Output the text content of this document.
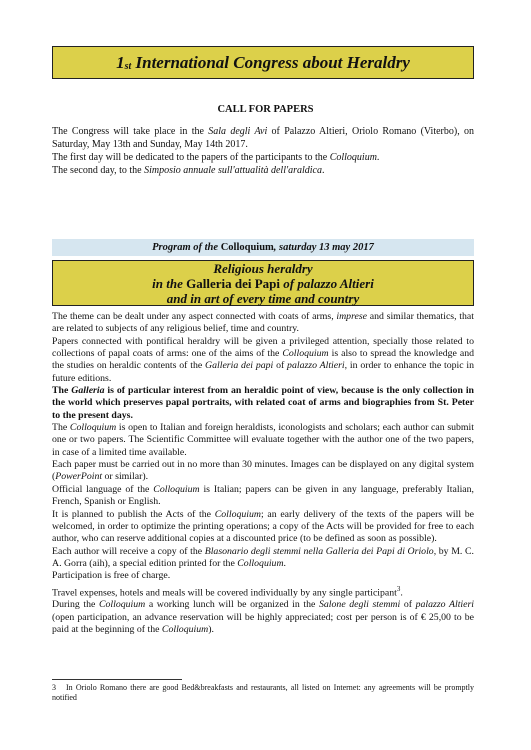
1 st International Congress about Heraldry
CALL FOR PAPERS
The Congress will take place in the Sala degli Avi of Palazzo Altieri, Oriolo Romano (Viterbo), on Saturday, May 13th and Sunday, May 14th 2017.
The first day will be dedicated to the papers of the participants to the Colloquium.
The second day, to the Simposio annuale sull'attualità dell'araldica.
Program of the Colloquium , saturday 13 may 2017
Religious heraldry
in the Galleria dei Papi of palazzo Altieri
and in art of every time and country

The theme can be dealt under any aspect connected with coats of arms, imprese and similar thematics, that are related to subjects of any religious belief, time and country.

Papers connected with pontifical heraldry will be given a privileged attention, specially those related to collections of papal coats of arms: one of the aims of the Colloquium is also to spread the knowledge and the studies on heraldic contents of the Galleria dei papi of palazzo Altieri, in order to enhance the topic in future editions.

The Galleria is of particular interest from an heraldic point of view, because is the only collection in the world which preserves papal portraits, with related coat of arms and biographies from St. Peter to the present days.

The Colloquium is open to Italian and foreign heraldists, iconologists and scholars; each author can submit one or two papers. The Scientific Committee will evaluate together with the author one of the two papers, in case of a limited time available.

Each paper must be carried out in no more than 30 minutes. Images can be displayed on any digital system (PowerPoint or similar).

Official language of the Colloquium is Italian; papers can be given in any language, preferably Italian, French, Spanish or English.

It is planned to publish the Acts of the Colloquium; an early delivery of the texts of the papers will be welcomed, in order to optimize the printing operations; a copy of the Acts will be provided for free to each author, who can reserve additional copies at a discounted price (to be defined as soon as possible).

Each author will receive a copy of the Blasonario degli stemmi nella Galleria dei Papi di Oriolo, by M. C. A. Gorra (aih), a special edition printed for the Colloquium.

Participation is free of charge.

Travel expenses, hotels and meals will be covered individually by any single participant$^3$.

During the Colloquium a working lunch will be organized in the Salone degli stemmi of palazzo Altieri (open participation, an advance reservation will be highly appreciated; cost per person is of € 25,00 to be paid at the beginning of the Colloquium).

3 In Oriolo Romano there are good Bed&breakfasts and restaurants, all listed on Internet: any agreements will be promptly notified
